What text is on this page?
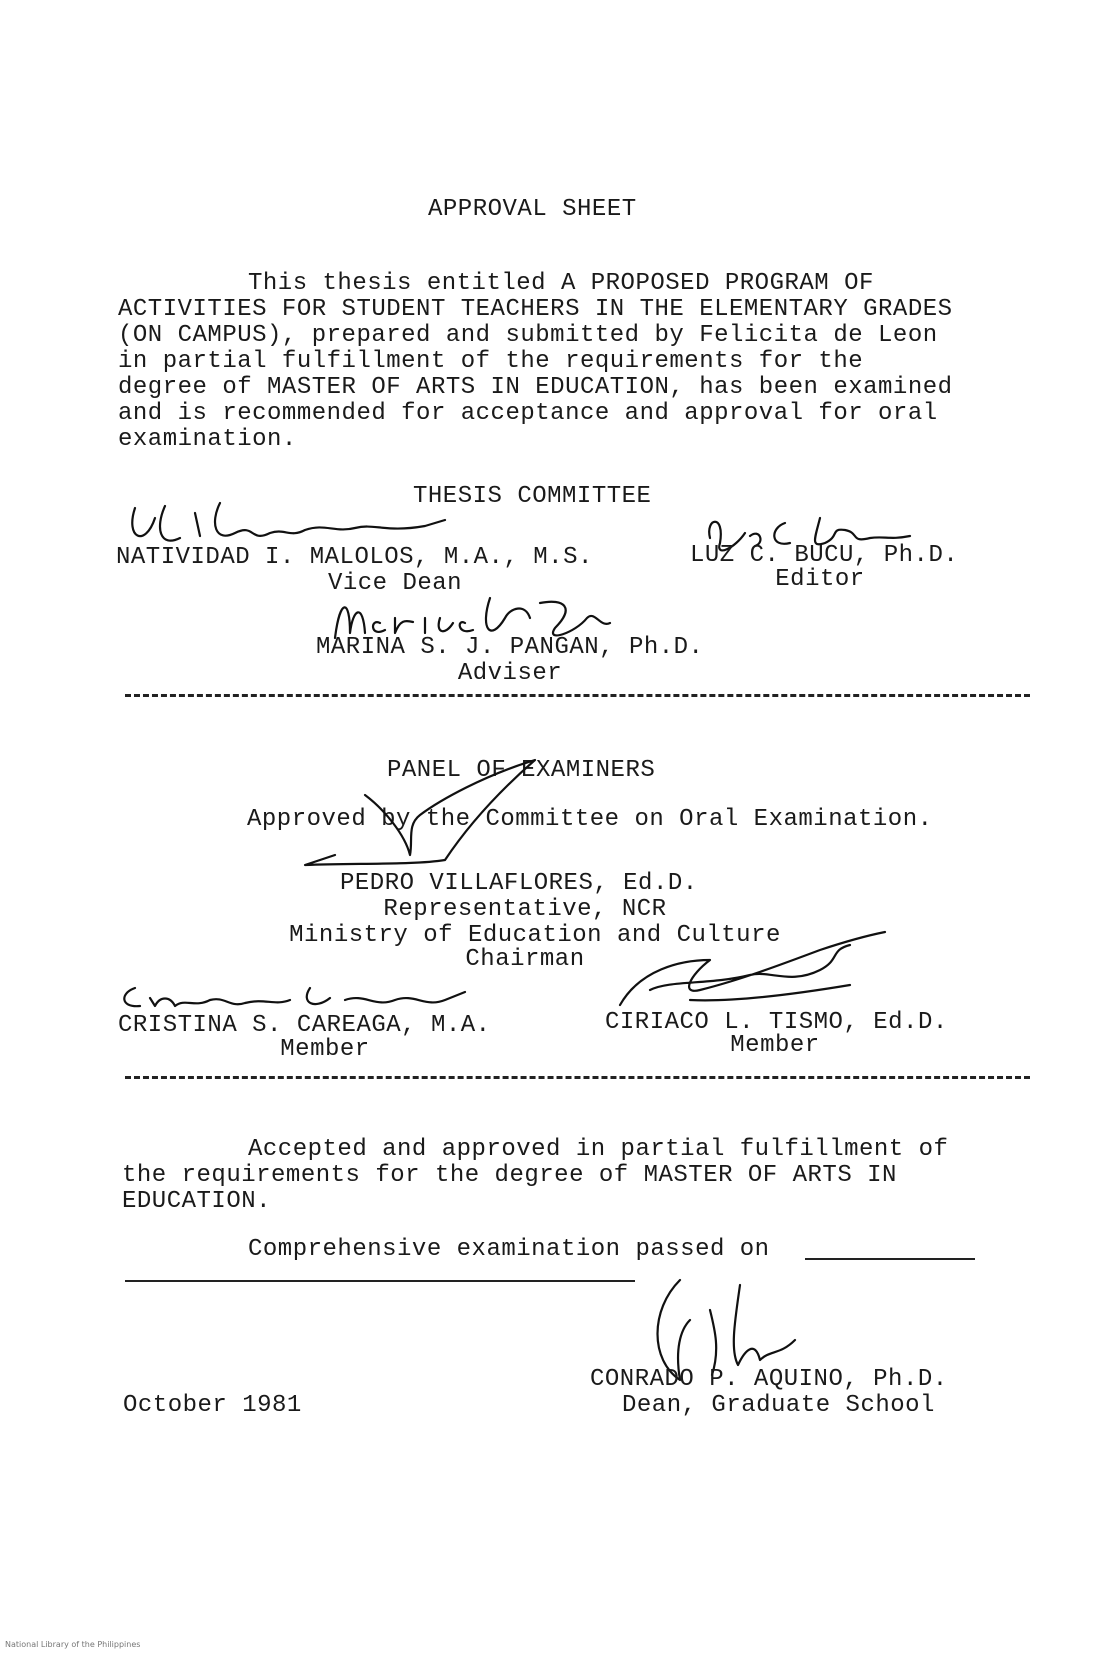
APPROVAL SHEET
This thesis entitled A PROPOSED PROGRAM OF
ACTIVITIES FOR STUDENT TEACHERS IN THE ELEMENTARY GRADES
(ON CAMPUS), prepared and submitted by Felicita de Leon
in partial fulfillment of the requirements for the
degree of MASTER OF ARTS IN EDUCATION, has been examined
and is recommended for acceptance and approval for oral
examination.
THESIS COMMITTEE
NATIVIDAD I. MALOLOS, M.A., M.S.
Vice Dean
LUZ C. BUCU, Ph.D.
Editor
MARINA S. J. PANGAN, Ph.D.
Adviser
PANEL OF EXAMINERS
Approved by the Committee on Oral Examination.
PEDRO VILLAFLORES, Ed.D.
Representative, NCR
Ministry of Education and Culture
Chairman
CRISTINA S. CAREAGA, M.A.
Member
CIRIACO L. TISMO, Ed.D.
Member
Accepted and approved in partial fulfillment of
the requirements for the degree of MASTER OF ARTS IN
EDUCATION.
Comprehensive examination passed on
CONRADO P. AQUINO, Ph.D.
Dean, Graduate School
October 1981
National Library of the Philippines
